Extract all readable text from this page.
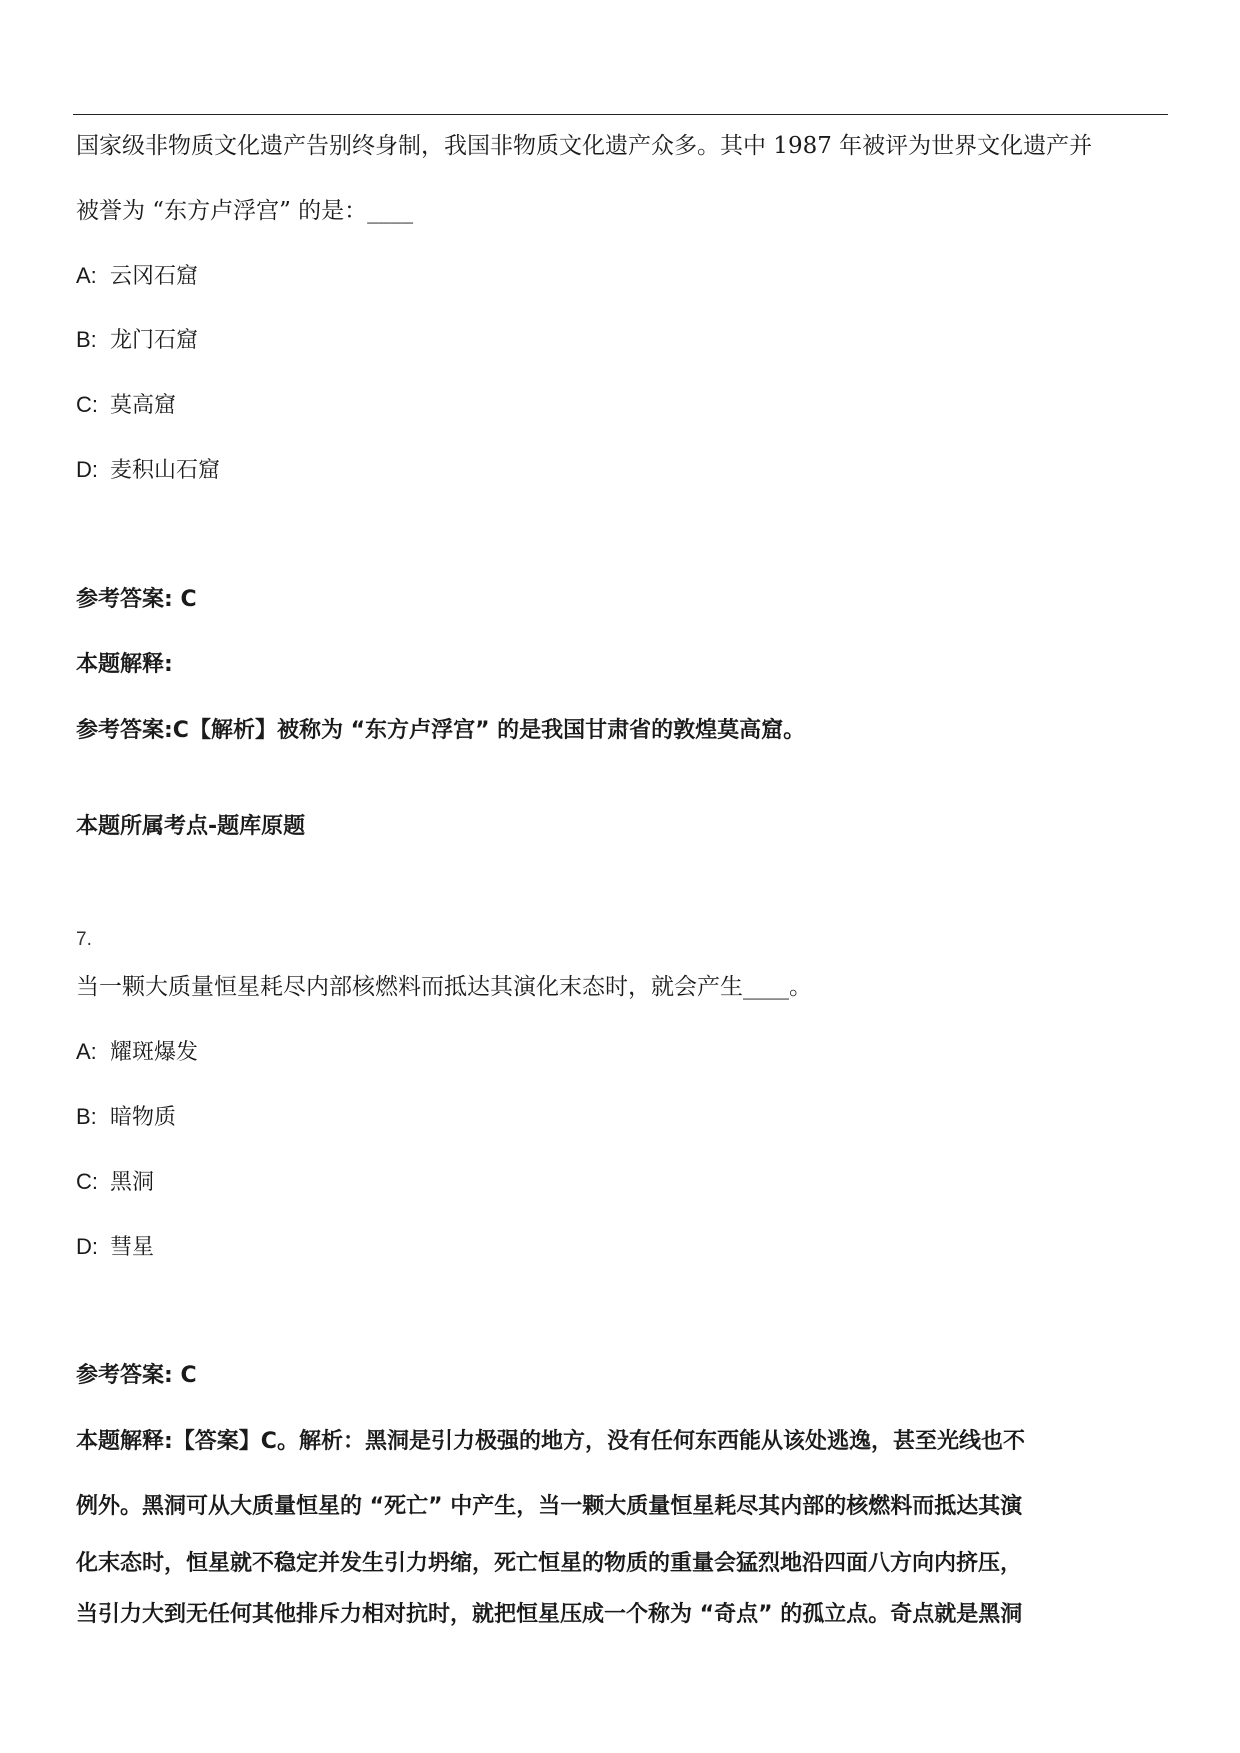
国家级非物质文化遗产告别终身制，我国非物质文化遗产众多。其中 1987 年被评为世界文化遗产并
被誉为 “东方卢浮宫” 的是：____
A: 云冈石窟
B: 龙门石窟
C: 莫高窟
D: 麦积山石窟
参考答案: C
本题解释:
参考答案:C【解析】被称为 “东方卢浮宫” 的是我国甘肃省的敦煌莫高窟。
本题所属考点-题库原题
7.
当一颗大质量恒星耗尽内部核燃料而抵达其演化末态时，就会产生____。
A: 耀斑爆发
B: 暗物质
C: 黑洞
D: 彗星
参考答案: C
本题解释:【答案】C。解析：黑洞是引力极强的地方，没有任何东西能从该处逃逸，甚至光线也不
例外。黑洞可从大质量恒星的 “死亡” 中产生，当一颗大质量恒星耗尽其内部的核燃料而抵达其演
化末态时，恒星就不稳定并发生引力坍缩，死亡恒星的物质的重量会猛烈地沿四面八方向内挤压，
当引力大到无任何其他排斥力相对抗时，就把恒星压成一个称为 “奇点” 的孤立点。奇点就是黑洞
